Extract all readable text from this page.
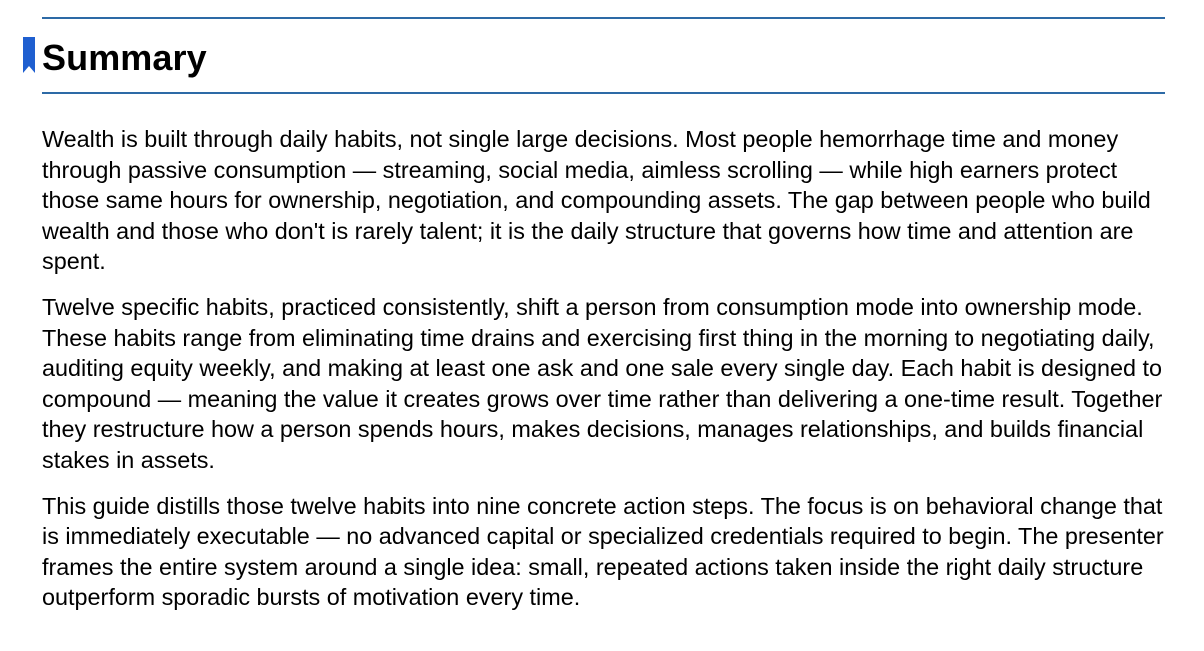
Summary

Wealth is built through daily habits, not single large decisions. Most people hemorrhage time and money through passive consumption — streaming, social media, aimless scrolling — while high earners protect those same hours for ownership, negotiation, and compounding assets. The gap between people who build wealth and those who don't is rarely talent; it is the daily structure that governs how time and attention are spent.

Twelve specific habits, practiced consistently, shift a person from consumption mode into ownership mode. These habits range from eliminating time drains and exercising first thing in the morning to negotiating daily, auditing equity weekly, and making at least one ask and one sale every single day. Each habit is designed to compound — meaning the value it creates grows over time rather than delivering a one-time result. Together they restructure how a person spends hours, makes decisions, manages relationships, and builds financial stakes in assets.

This guide distills those twelve habits into nine concrete action steps. The focus is on behavioral change that is immediately executable — no advanced capital or specialized credentials required to begin. The presenter frames the entire system around a single idea: small, repeated actions taken inside the right daily structure outperform sporadic bursts of motivation every time.
